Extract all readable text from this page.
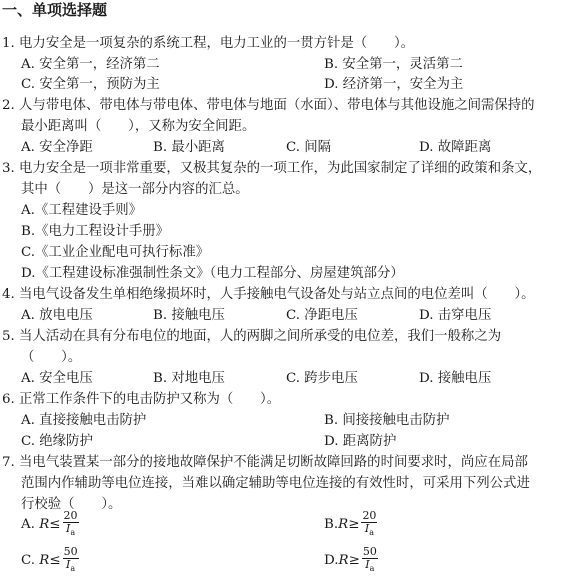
一、单项选择题
1. 电力安全是一项复杂的系统工程，电力工业的一贯方针是（　　）。
A. 安全第一，经济第二	B. 安全第一，灵活第二
C. 安全第一，预防为主	D. 经济第一，安全为主
2. 人与带电体、带电体与带电体、带电体与地面（水面）、带电体与其他设施之间需保持的
最小距离叫（　　），又称为安全间距。
A. 安全净距	B. 最小距离	C. 间隔	D. 故障距离
3. 电力安全是一项非常重要，又极其复杂的一项工作，为此国家制定了详细的政策和条文，
其中（　　）是这一部分内容的汇总。
A.《工程建设手则》
B.《电力工程设计手册》
C.《工业企业配电可执行标准》
D.《工程建设标准强制性条文》（电力工程部分、房屋建筑部分）
4. 当电气设备发生单相绝缘损坏时，人手接触电气设备处与站立点间的电位差叫（　　）。
A. 放电电压	B. 接触电压	C. 净距电压	D. 击穿电压
5. 当人活动在具有分布电位的地面，人的两脚之间所承受的电位差，我们一般称之为
（　　）。
A. 安全电压	B. 对地电压	C. 跨步电压	D. 接触电压
6. 正常工作条件下的电击防护又称为（　　）。
A. 直接接触电击防护	B. 间接接触电击防护
C. 绝缘防护	D. 距离防护
7. 当电气装置某一部分的接地故障保护不能满足切断故障回路的时间要求时，尚应在局部
范围内作辅助等电位连接，当难以确定辅助等电位连接的有效性时，可采用下列公式进
行校验（　　）。
A.
$R \le \frac{20}{I_a}$	B. $R \ge \frac{20}{I_a}$
C.
$R \le \frac{50}{I_a}$	D. $R \ge \frac{50}{I_a}$
